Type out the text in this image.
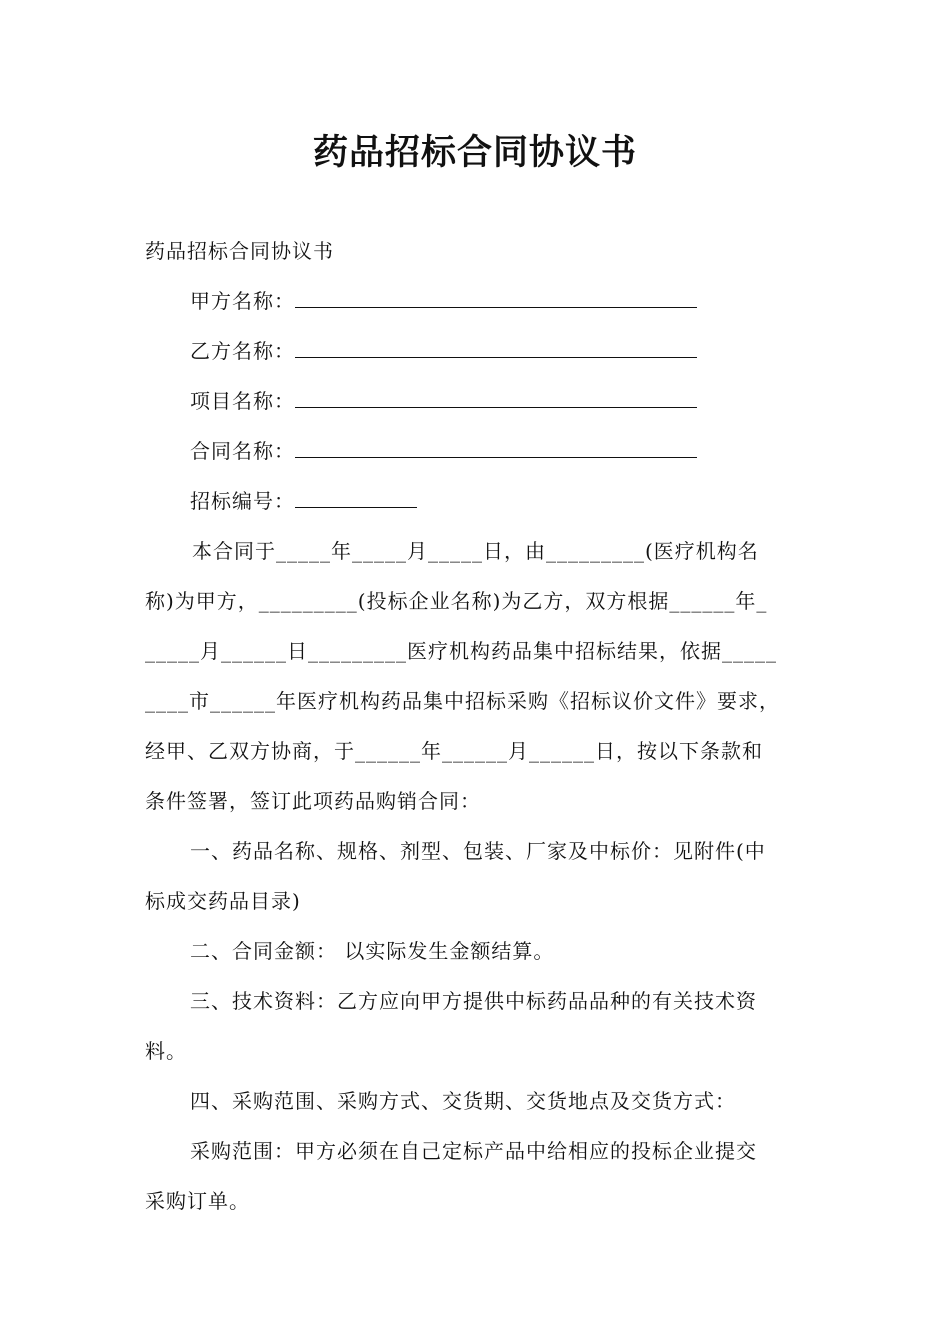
药品招标合同协议书
药品招标合同协议书
甲方名称：
乙方名称：
项目名称：
合同名称：
招标编号：
本合同于_____年_____月_____日，由_________(医疗机构名
称)为甲方，_________(投标企业名称)为乙方，双方根据______年_
_____月______日_________医疗机构药品集中招标结果，依据_____
____市______年医疗机构药品集中招标采购《招标议价文件》要求，
经甲、乙双方协商，于______年______月______日，按以下条款和
条件签署，签订此项药品购销合同：
一、药品名称、规格、剂型、包装、厂家及中标价：见附件(中
标成交药品目录)
二、合同金额： 以实际发生金额结算。
三、技术资料：乙方应向甲方提供中标药品品种的有关技术资
料。
四、采购范围、采购方式、交货期、交货地点及交货方式：
采购范围：甲方必须在自己定标产品中给相应的投标企业提交
采购订单。
